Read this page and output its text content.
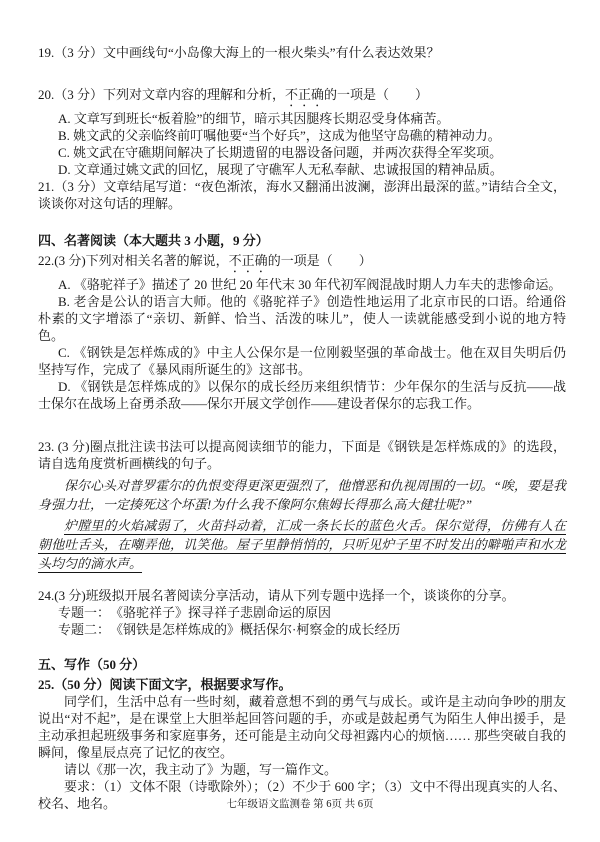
19.（3 分）文中画线句“小岛像大海上的一根火柴头”有什么表达效果？

20.（3 分）下列对文章内容的理解和分析，不正确的一项是（　　）

A. 文章写到班长“板着脸”的细节，暗示其因腿疼长期忍受身体痛苦。

B. 姚文武的父亲临终前叮嘱他要“当个好兵”，这成为他坚守岛礁的精神动力。

C. 姚文武在守礁期间解决了长期遗留的电器设备问题，并两次获得全军奖项。

D. 文章通过姚文武的回忆，展现了守礁军人无私奉献、忠诚报国的精神品质。

21.（3 分）文章结尾写道：“夜色渐浓，海水又翻涌出波澜，澎湃出最深的蓝。”请结合全文，谈谈你对这句话的理解。

四、名著阅读（本大题共 3 小题，9 分）

22.(3 分)下列对相关名著的解说，不正确的一项是（　　）

A. 《骆驼祥子》描述了 20 世纪 20 年代末 30 年代初军阀混战时期人力车夫的悲惨命运。

B. 老舍是公认的语言大师。他的《骆驼祥子》创造性地运用了北京市民的口语。给通俗朴素的文字增添了“亲切、新鲜、恰当、活泼的味儿”，使人一读就能感受到小说的地方特色。

C. 《钢铁是怎样炼成的》中主人公保尔是一位刚毅坚强的革命战士。他在双目失明后仍坚持写作，完成了《暴风雨所诞生的》这部书。

D. 《钢铁是怎样炼成的》以保尔的成长经历来组织情节：少年保尔的生活与反抗——战士保尔在战场上奋勇杀敌——保尔开展文学创作——建设者保尔的忘我工作。

23. (3 分)圈点批注读书法可以提高阅读细节的能力，下面是《钢铁是怎样炼成的》的选段，请自选角度赏析画横线的句子。

保尔心头对普罗霍尔的仇恨变得更深更强烈了，他憎恶和仇视周围的一切。“唉，要是我身强力壮，一定揍死这个坏蛋!为什么我不像阿尔焦姆长得那么高大健壮呢?”

炉膛里的火焰减弱了，火苗抖动着，汇成一条长长的蓝色火舌。保尔觉得，仿佛有人在朝他吐舌头，在嘲弄他，讥笑他。屋子里静悄悄的，只听见炉子里不时发出的噼啪声和水龙头均匀的滴水声。

24.(3 分)班级拟开展名著阅读分享活动，请从下列专题中选择一个，谈谈你的分享。

专题一：　《骆驼祥子》探寻祥子悲剧命运的原因

专题二：　《钢铁是怎样炼成的》概括保尔·柯察金的成长经历

五、写作（50 分）

25.（50 分）阅读下面文字，根据要求写作。

同学们，生活中总有一些时刻，藏着意想不到的勇气与成长。或许是主动向争吵的朋友说出“对不起”，是在课堂上大胆举起回答问题的手，亦或是鼓起勇气为陌生人伸出援手，是主动承担起班级事务和家庭事务，还可能是主动向父母袒露内心的烦恼…… 那些突破自我的瞬间，像星辰点亮了记忆的夜空。

请以《那一次，我主动了》为题，写一篇作文。

要求：（1）文体不限（诗歌除外）；（2）不少于 600 字；（3）文中不得出现真实的人名、校名、地名。	七年级语文监测卷 第 6页 共 6页
